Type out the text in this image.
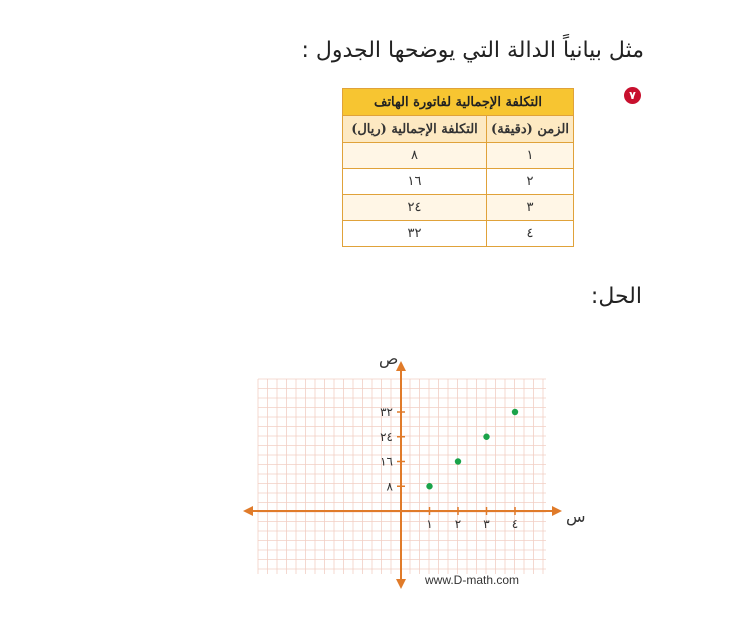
مثل بيانياً الدالة التي يوضحها الجدول :
٧
التكلفة الإجمالية لفاتورة الهاتف	
الزمن (دقيقة)	التكلفة الإجمالية (ريال)
١	٨
٢	١٦
٣	٢٤
٤	٣٢
الحل:
١ ٢ ٣ ٤
٨
١٦
٢٤
٣٢
س
ص
www.D-math.com
